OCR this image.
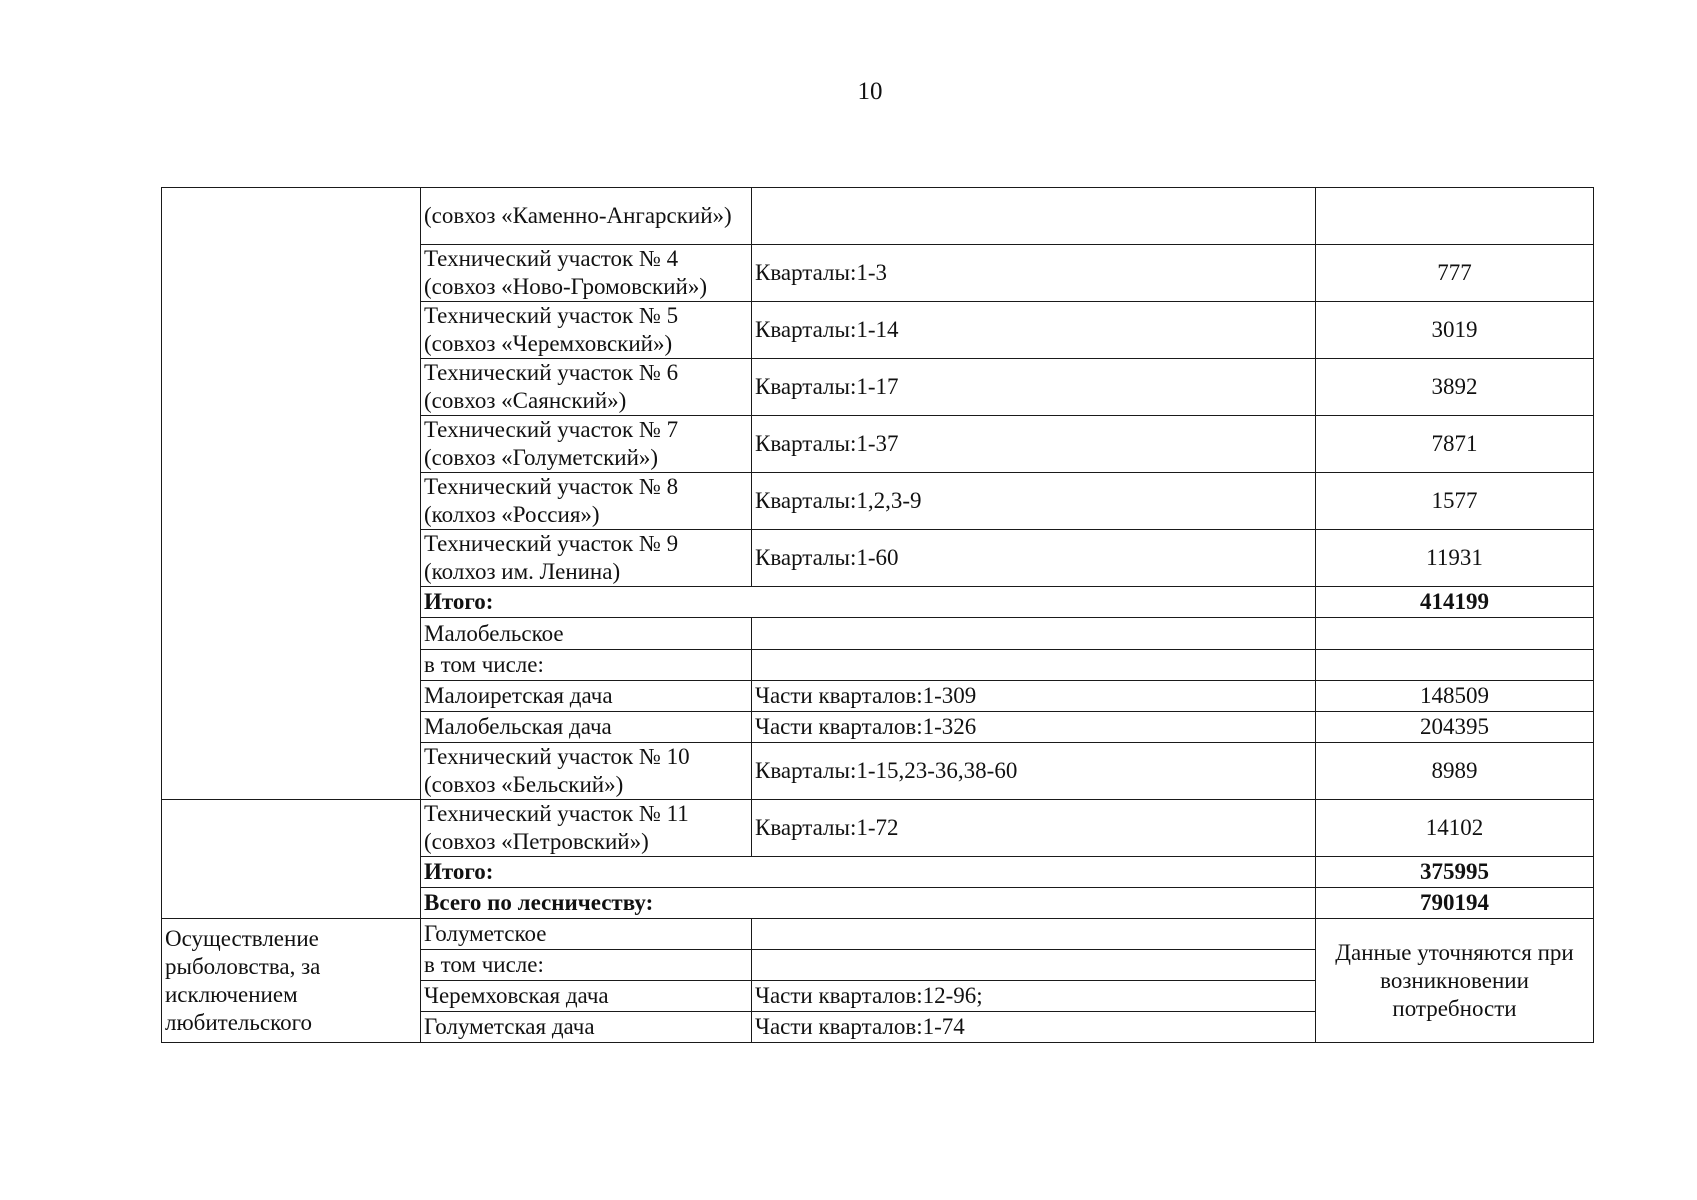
10
	(совхоз «Каменно-Ангарский»)		
	Технический участок № 4 (совхоз «Ново-Громовский»)	Кварталы:1-3	777
	Технический участок № 5 (совхоз «Черемховский»)	Кварталы:1-14	3019
	Технический участок № 6 (совхоз «Саянский»)	Кварталы:1-17	3892
	Технический участок № 7 (совхоз «Голуметский»)	Кварталы:1-37	7871
	Технический участок № 8 (колхоз «Россия»)	Кварталы:1,2,3-9	1577
	Технический участок № 9 (колхоз им. Ленина)	Кварталы:1-60	11931
	Итого:		414199
	Малобельское		
	в том числе:		
	Малоиретская дача	Части кварталов:1-309	148509
	Малобельская дача	Части кварталов:1-326	204395
	Технический участок № 10 (совхоз «Бельский»)	Кварталы:1-15,23-36,38-60	8989
	Технический участок № 11 (совхоз «Петровский»)	Кварталы:1-72	14102
	Итого:		375995
	Всего по лесничеству:		790194
Осуществление рыболовства, за исключением любительского	Голуметское		Данные уточняются при возникновении потребности
	в том числе:		
	Черемховская дача	Части кварталов:12-96;	
	Голуметская дача	Части кварталов:1-74	
